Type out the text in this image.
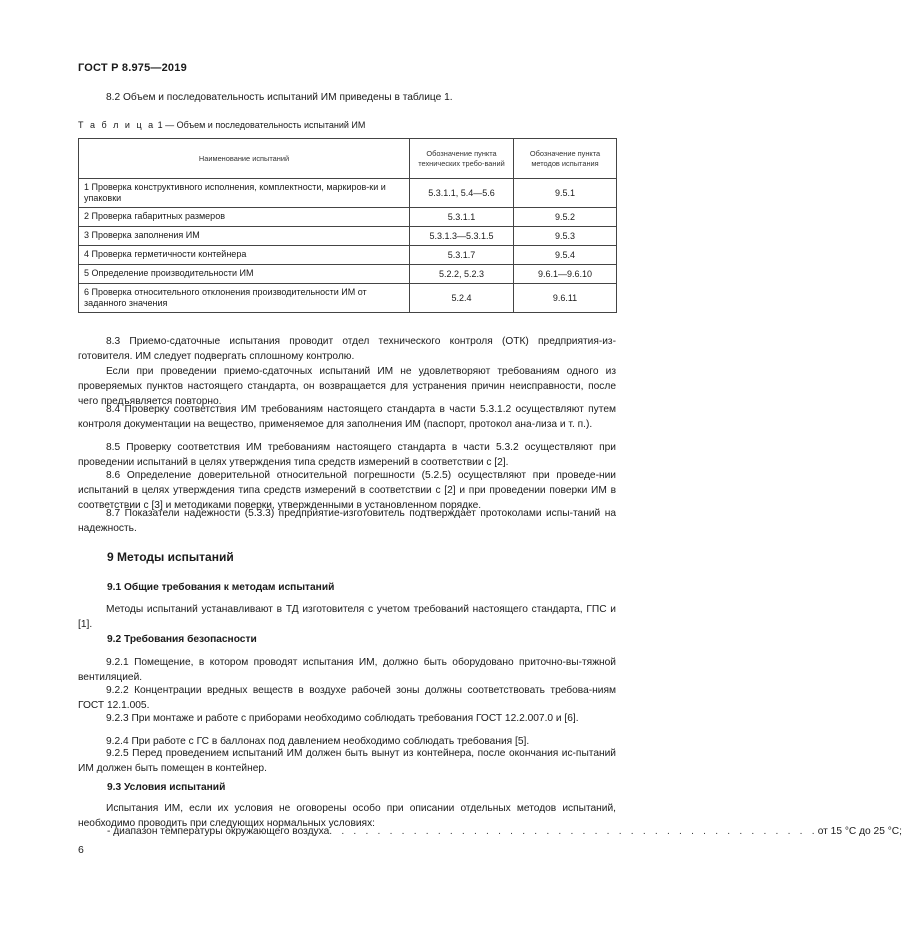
ГОСТ Р 8.975—2019
8.2 Объем и последовательность испытаний ИМ приведены в таблице 1.
Т а б л и ц а 1 — Объем и последовательность испытаний ИМ
Наименование испытаний	Обозначение пункта технических требо-ваний	Обозначение пункта методов испытания
1 Проверка конструктивного исполнения, комплектности, маркиров-ки и упаковки	5.3.1.1, 5.4—5.6	9.5.1
2 Проверка габаритных размеров	5.3.1.1	9.5.2
3 Проверка заполнения ИМ	5.3.1.3—5.3.1.5	9.5.3
4 Проверка герметичности контейнера	5.3.1.7	9.5.4
5 Определение производительности ИМ	5.2.2, 5.2.3	9.6.1—9.6.10
6 Проверка относительного отклонения производительности ИМ от заданного значения	5.2.4	9.6.11
8.3 Приемо-сдаточные испытания проводит отдел технического контроля (ОТК) предприятия-из-готовителя. ИМ следует подвергать сплошному контролю.
Если при проведении приемо-сдаточных испытаний ИМ не удовлетворяют требованиям одного из проверяемых пунктов настоящего стандарта, он возвращается для устранения причин неисправности, после чего предъявляется повторно.
8.4 Проверку соответствия ИМ требованиям настоящего стандарта в части 5.3.1.2 осуществляют путем контроля документации на вещество, применяемое для заполнения ИМ (паспорт, протокол ана-лиза и т. п.).
8.5 Проверку соответствия ИМ требованиям настоящего стандарта в части 5.3.2 осуществляют при проведении испытаний в целях утверждения типа средств измерений в соответствии с [2].
8.6 Определение доверительной относительной погрешности (5.2.5) осуществляют при проведе-нии испытаний в целях утверждения типа средств измерений в соответствии с [2] и при проведении поверки ИМ в соответствии с [3] и методиками поверки, утвержденными в установленном порядке.
8.7 Показатели надежности (5.3.3) предприятие-изготовитель подтверждает протоколами испы-таний на надежность.
9 Методы испытаний
9.1 Общие требования к методам испытаний
Методы испытаний устанавливают в ТД изготовителя с учетом требований настоящего стандарта, ГПС и [1].
9.2 Требования безопасности
9.2.1 Помещение, в котором проводят испытания ИМ, должно быть оборудовано приточно-вы-тяжной вентиляцией.
9.2.2 Концентрации вредных веществ в воздухе рабочей зоны должны соответствовать требова-ниям ГОСТ 12.1.005.
9.2.3 При монтаже и работе с приборами необходимо соблюдать требования ГОСТ 12.2.007.0 и [6].
9.2.4 При работе с ГС в баллонах под давлением необходимо соблюдать требования [5].
9.2.5 Перед проведением испытаний ИМ должен быть вынут из контейнера, после окончания ис-пытаний ИМ должен быть помещен в контейнер.
9.3 Условия испытаний
Испытания ИМ, если их условия не оговорены особо при описании отдельных методов испытаний, необходимо проводить при следующих нормальных условиях:
- диапазон температуры окружающего воздуха . . . . . . . . . . . . . . . . . . . . . . . . . . . . . . . . . . . . . . . . . от 15 °С до 25 °С;
6
